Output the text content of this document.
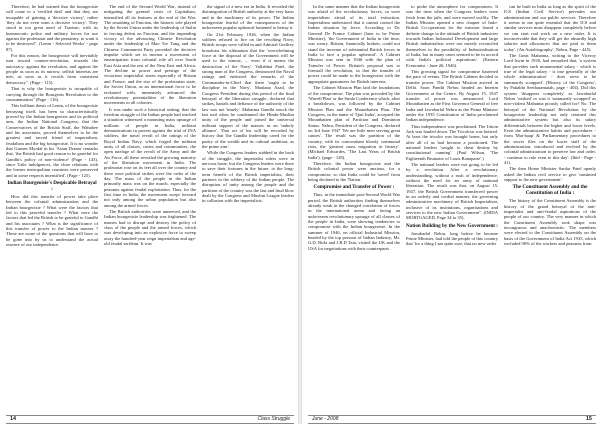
Therefore, he had warned that the bourgeoisie will come to a 'verified deal' and that they are incapable of gaining a 'decisive victory', rather 'they do not even want a decisive victory'. They stood in too great need of Tsarism, with its bureaucratic police and military forces for use against the proletariat and the peasantry, to want it to be destroyed". (Lenin - Selected Works' - page 87).

For this reason, the bourgeoisie will inevitably turn toward counter-revolution, towards the autocracy, against the revolution, and against the people as soon as its narrow, selfish interests are met, as soon as it recoils from consistent democracy". (Page - 115).

That is why the bourgeoisie is incapable of carrying through the Bourgeois Revolution to the consummation" (Page - 116).

This brilliant thesis of Lenin, of the bourgeoisie betraying itself, has been so characteristically proved by the Indian bourgeoisie and its political arm, the Indian National Congress; that the Conservatives of the British Staff, the Wahabee and his associates, proved themselves to be the greatest and sacred friend of imperialism, feudalism and the big bourgeoisie. It is no wonder that Gurnee Myrdal in his 'Asian Drama' remarks that, 'the British had good reason to be grateful for Gandhi's policy of non-violence' (Page - 143), since 'little indulgences, the close relations with the former metropolitan countries were preserved and in some respects intensified'. (Page - 125).

Indian Bourgeoisie's Despicable Betrayal :

How did this transfer of power take place between the colonial administration and the Indian bourgeoisie ? What were the factors that led to this peaceful transfer ? What were the factors that led the British to be grateful to Gandhi and his associates ? What is the significance of this transfer of power to the Indian masses ? These are some of the questions that will have to be gone into by us to understand the actual essence of our independence.

The end of the Second World War, instead of mitigating the general crisis of Capitalism, intensified all its features at the end of the War. The smashing of Fascism, the historic role played by the Soviet Union under the leadership of Stalin in forcing defeat on Fascism, and the impending victory of the advancing Chinese Revolution under the leadership of Mao Tse Tung and the Chinese Communist Party provided the decisive impulse which set in motion a movement of emancipation from colonial rule all over South East Asia and the rest of the Near East and Africa. The decline in power and prestige of the victorious imperialist states especially of Britain and France, and the rise of the proletarian state, the Soviet Union, as an international force to be reckoned with, immensely advanced the revolutionary potentialities of the liberation movements in all colonies.

It was under such a historical setting, that the freedom struggle of the Indian people had reached a situation witnessed a mounting mass upsurge of millions of people in India, militant demonstrations in protest against the trial of INA soldiers, the naval revolt of the ratings of the Royal Indian Navy, which forged the militant unity of all classes, castes and communities, the open tutelage of the revolt of the Army and the Air Force, all these revealed the growing maturity of the liberation movement in India. The proletariat rose on its feet all over the country and there were political strikes were the order of the day. The mass of the people in the Indian primarily mass was on the march, especially the peasants against feudal exploitation. Thus, for the first time in India, the movement swept forward not only among the urban population but also among the armed forces.

The British authorities were unnerved, and the Indian bourgeoisie leadership was frightened. The masses had to disrupt and destroy the policy of class of the people and the armed forces, which was developing into an explosive force to sweep away the hundred-year reign imperialism and age-old feudal serfdom. It was

the signal of a new era in India. It revealed the disintegration of British authority at the very basis and in the machinery of its power. The Indian bourgeoisie fearful of the consequences of the unforeseen popular upheaval hastened to betray it.

On 21st February 1946, when the Indian soldiers refused to fire on the revolting Navy, British troops were called in and Admiral Godfrey broadcast his ultimatum that the 'overwhelming force at the disposal of the Government will be used to the utmost, ... even if it means the destruction of the Navy'. Vallabhai Patel, the strong man of the Congress, denounced the Naval ratings and endorsed the remarks of the Commander-in-Chief that there 'ought to be discipline in the Navy'. Maulana Azad, the Congress President during this period of the final betrayal of the liberation struggle, declared that strikes, hartals and defiance of the authority of the law was not 'timely'. Mahatma Gandhi struck the last nail when he condemned the Hindu-Muslim unity of the people and joined the universal militant support of the masses as an 'unholy alliance'. That act of his will be recorded by history that 'the Gandhi leadership cared for the purity of the wealth and its cultural ambition, as the prime aim.'

While the Congress leaders stabbed in the back of the struggle, the imperialist rulers were in nervous haste, but the Congress leaders were there to save their fortunes in the future, to the long-term benefit of the British imperialists, their partners in the robbery of the Indian people. The disruption of unity among the people and the partition of the country was the last and final blow dealt by the Congress and Muslim League leaders in collusion with the imperialists.

14	Class Struggle

In the same manner that the Indian bourgeoisie was afraid of the revolutionary forces, so were imperialism afraid of its total extinction. Imperialism understood that it cannot control the Indian situation by force. According to Dr. General De France Cabinet (later to be Prime Minister), 'the Government of India in the time, was weary. Britain, financially broken, could not stand the increase of substantial British forces in India to face a popular upheaval'. A Cabinet Mission was sent in 1946 with the plan of Transfer of Power. Britain's proposal was to forestall the revolution, so that the transfer of power could be made to the bourgeoisie with the appropriate guarantees for British interests.

The Cabinet Mission Plan laid the foundations of the compromise. The plan was preceded by the 'Wavell Plan' or the Simla Conference which, after a breakdown, was followed by the Cabinet Mission Plan and the Mountbatten Plan. The Congress, in the name of 'Quit India', accepted the Mountbatten plan of Partition and Dominion Status. Nehru, President of the Congress, declared on 3rd June 1947 'We are little men serving great causes'. The result was the partition of the country, with its concomitant bloody communal riots, the 'greatest mass migration in history'. (Michael Edwardes, 'The Last Years of British India'). (page - 128).

Therefore, the Indian bourgeoisie and the British colonial power were anxious, for a compromise, so that India could be 'saved' from being declared to the 'Nation.

Compromise and Transfer of Power :

Thus, in the immediate post-Second World War period, the British authorities finding themselves already weak in the changed correlation of forces in the international arena and facing an unforeseen revolutionary upsurge of all classes of the people in India, were showing tendencies to compromise with the Indian bourgeoisie. In the summer of 1946, on official Industrial Mission, headed by the top persons of Indian Industry, Mr. G.D. Birla and J.R.D Tata, visited the UK and the USA for negotiations with their counterparts.

to probe the atmosphere for compromises. It was the time when the Congress leaders were fresh from the jails, and were moved swiftly. The Indian Mission opened a new chapter of Indo-British Co-operation for the mission found a definite change in the attitude of British industries towards Indian Industrial Development and large British industrialists were not merely reconciled themselves to the possibility of Industrialisation of India, but in many cases seemed to be in accord with India's political aspirations'. (Eastern Economist - June 26, 1946).

This growing signal for compromise hastened the pace of events. The British Cabinet decided to transfer power. The Cabinet Mission arrived in Delhi. Soon Pandit Nehru headed an Interim Government at the Centre. By August 15, 1947 transfer of power was announced. Lord Mountbatten as the First Governor General of free India and Jawaharlal Nehru as the Prime Minister under the 1935 Constitution of India proclaimed Indian independence.

Thus independence was proclaimed. The Union Jack was hauled down. The Tricolour was hoisted. At least the tricolor was brought home, but only after all of us had become a positioned. The national leaders 'sought to cheat destiny by constitutional cunning'. (Paul Wilson, 'The Eighteenth Brumaire of Louis Bonaparte'.)

The national leaders were not going to be led by a revolution. After a revolutionary understanding, without a rush of independence, without the need for an army of national liberation. The result was that, on August 15, 1947, the British Government transferred power in an orderly and cordial manner, the governing administrative machinery of British Imperialism, inclusive of its institutions, organisations and services to the new Indian Government". (INDIA MORTGAGED, Page 34 to 35).

Nation Building by the New Government :

Jawaharlal Nehru, long before he became Prime Minister, had told the people of this country that 'for a thing I am quite sure, that no new order

can be built in India as long as the spirit of the ICS (Indian Civil Service) pervades our administration and our public services. Therefore it seems to me quite essential that the ICS and similar services must disappear completely before we can start real work on a new order. It is inconceivable that they will get the absurdly high salaries and allowances that are paid to them today'. (An Autobiography', Nehru, Page - 445).

The Great Mahatma, writing to the Viceroy Lord Irwin in 1930, had remarked that, 'a system that provides such monumental salary - which is true of the legal salary - is true generally of the whole administration' - does serve to be summarily scrapped'. (History of the Congress', by Pattabhi Seetharamaiah, page - 404). Did this system 'disappear completely' as Jawaharlal Nehru 'wished' or was it 'summarily scrapped' as non-violent Mahatma piously called for? No. The betrayal of the National Revolution by the bourgeoisie leadership not only retained this administrative system but also its salary differentials between the higher and lower levels. Even the administrative habits and procedures - from 'Mai-baap' & 'Parliamentary procedures to the secret files on the lower staff of the administration, introduced and evolved by the colonial administration to preserve law and order, - continue to rule even to this day'. (Ibid - Page - 41).

The then Home Minister Sardar Patel openly asked the Indian civil service to give 'unstinted support to the new government'.

The Constituent Assembly and the Constitution of India :

The history of the Constituent Assembly is the history of the grand betrayal of the anti-imperialist and anti-feudal aspirations of the people of our country. The very manner in which the Constituent Assembly took shape was incongruous and anachronistic. The members were elected to the Constituent Assembly on the basis of the Government of India Act 1935, which excluded 90% of the workers and peasants from

June - 2008	15
